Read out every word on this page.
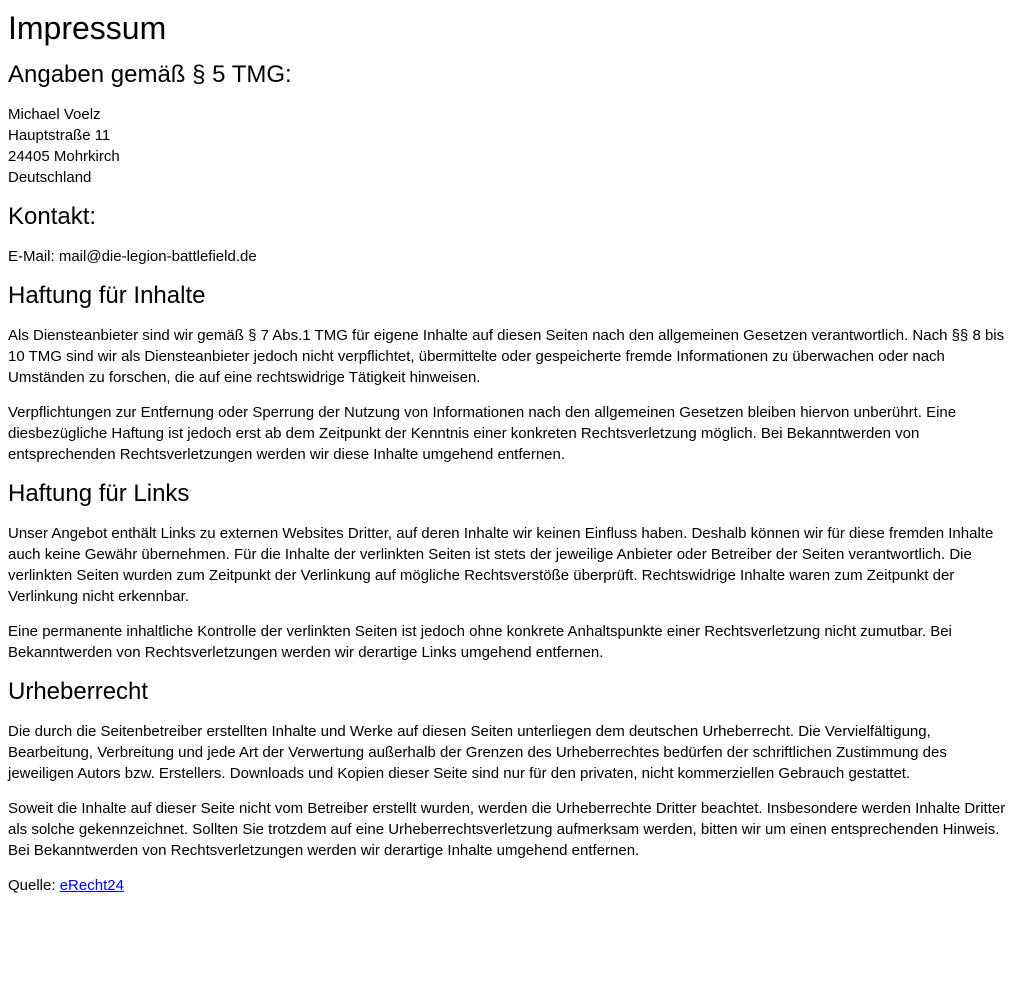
Impressum
Angaben gemäß § 5 TMG:

Michael Voelz
Hauptstraße 11
24405 Mohrkirch
Deutschland

Kontakt:

E-Mail: mail@die-legion-battlefield.de

Haftung für Inhalte

Als Diensteanbieter sind wir gemäß § 7 Abs.1 TMG für eigene Inhalte auf diesen Seiten nach den allgemeinen Gesetzen verantwortlich. Nach §§ 8 bis 10 TMG sind wir als Diensteanbieter jedoch nicht verpflichtet, übermittelte oder gespeicherte fremde Informationen zu überwachen oder nach Umständen zu forschen, die auf eine rechtswidrige Tätigkeit hinweisen.

Verpflichtungen zur Entfernung oder Sperrung der Nutzung von Informationen nach den allgemeinen Gesetzen bleiben hiervon unberührt. Eine diesbezügliche Haftung ist jedoch erst ab dem Zeitpunkt der Kenntnis einer konkreten Rechtsverletzung möglich. Bei Bekanntwerden von entsprechenden Rechtsverletzungen werden wir diese Inhalte umgehend entfernen.

Haftung für Links

Unser Angebot enthält Links zu externen Websites Dritter, auf deren Inhalte wir keinen Einfluss haben. Deshalb können wir für diese fremden Inhalte auch keine Gewähr übernehmen. Für die Inhalte der verlinkten Seiten ist stets der jeweilige Anbieter oder Betreiber der Seiten verantwortlich. Die verlinkten Seiten wurden zum Zeitpunkt der Verlinkung auf mögliche Rechtsverstöße überprüft. Rechtswidrige Inhalte waren zum Zeitpunkt der Verlinkung nicht erkennbar.

Eine permanente inhaltliche Kontrolle der verlinkten Seiten ist jedoch ohne konkrete Anhaltspunkte einer Rechtsverletzung nicht zumutbar. Bei Bekanntwerden von Rechtsverletzungen werden wir derartige Links umgehend entfernen.

Urheberrecht

Die durch die Seitenbetreiber erstellten Inhalte und Werke auf diesen Seiten unterliegen dem deutschen Urheberrecht. Die Vervielfältigung, Bearbeitung, Verbreitung und jede Art der Verwertung außerhalb der Grenzen des Urheberrechtes bedürfen der schriftlichen Zustimmung des jeweiligen Autors bzw. Erstellers. Downloads und Kopien dieser Seite sind nur für den privaten, nicht kommerziellen Gebrauch gestattet.

Soweit die Inhalte auf dieser Seite nicht vom Betreiber erstellt wurden, werden die Urheberrechte Dritter beachtet. Insbesondere werden Inhalte Dritter als solche gekennzeichnet. Sollten Sie trotzdem auf eine Urheberrechtsverletzung aufmerksam werden, bitten wir um einen entsprechenden Hinweis. Bei Bekanntwerden von Rechtsverletzungen werden wir derartige Inhalte umgehend entfernen.

Quelle: eRecht24
